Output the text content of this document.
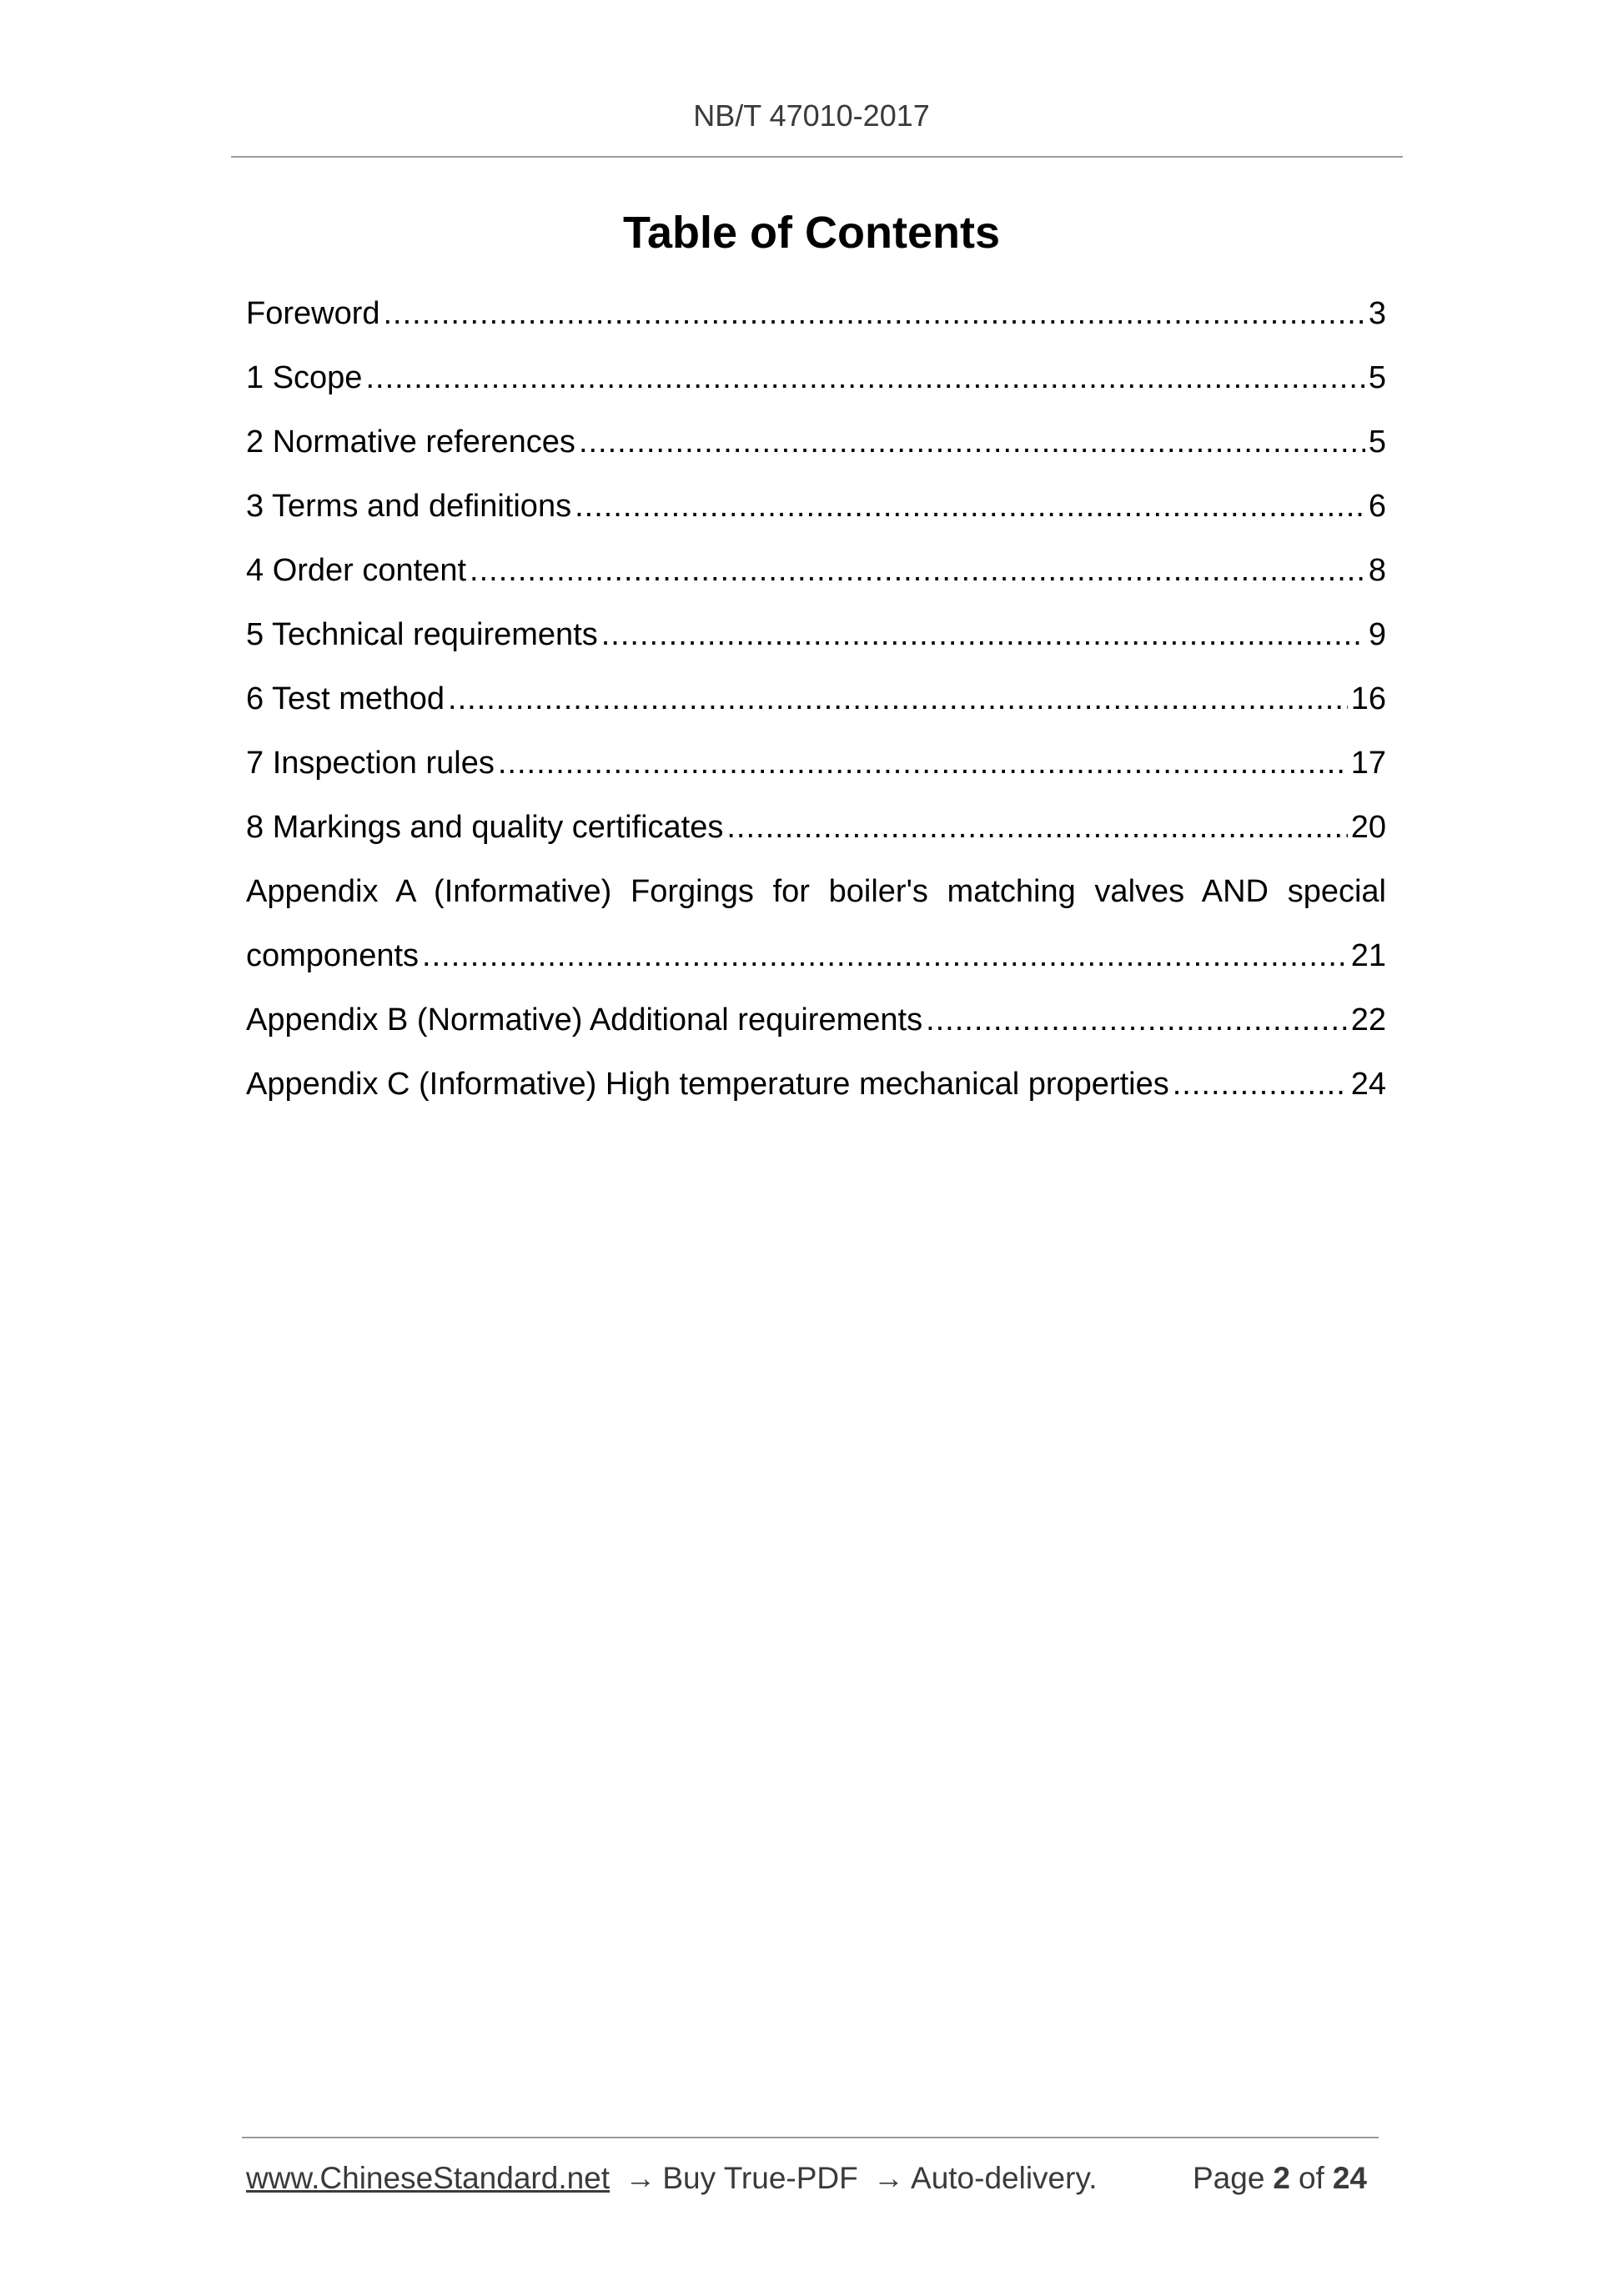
NB/T 47010-2017
Table of Contents
Foreword .....	3
1 Scope .....	5
2 Normative references .....	5
3 Terms and definitions .....	6
4 Order content .....	8
5 Technical requirements .....	9
6 Test method .....	16
7 Inspection rules .....	17
8 Markings and quality certificates .....	20
Appendix A (Informative) Forgings for boiler's matching valves AND special
components .....	21
Appendix B (Normative) Additional requirements .....	22
Appendix C (Informative) High temperature mechanical properties .....	24
www.ChineseStandard.net → Buy True-PDF → Auto-delivery.	Page 2 of 24
